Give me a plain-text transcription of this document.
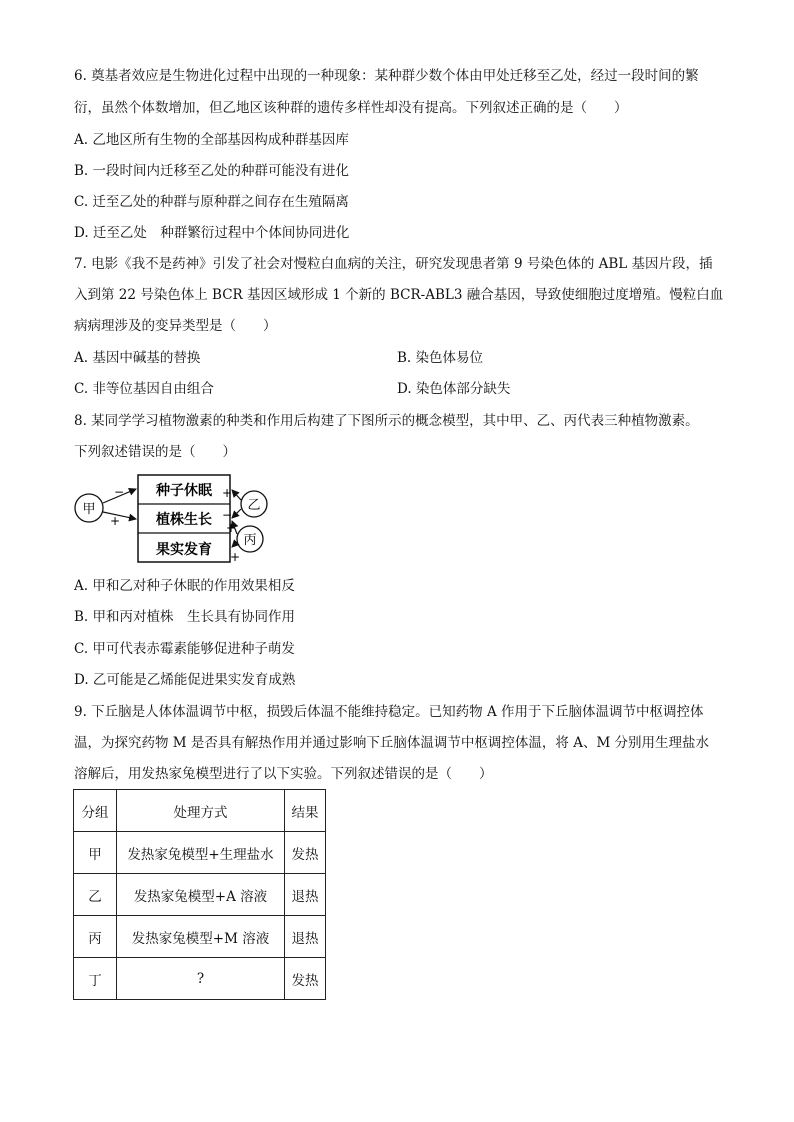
6. 奠基者效应是生物进化过程中出现的一种现象：某种群少数个体由甲处迁移至乙处，经过一段时间的繁
衍，虽然个体数增加，但乙地区该种群的遗传多样性却没有提高。下列叙述正确的是（　　）
A. 乙地区所有生物的全部基因构成种群基因库
B. 一段时间内迁移至乙处的种群可能没有进化
C. 迁至乙处的种群与原种群之间存在生殖隔离
D. 迁至乙处　种群繁衍过程中个体间协同进化
7. 电影《我不是药神》引发了社会对慢粒白血病的关注，研究发现患者第 9 号染色体的 ABL 基因片段，插
入到第 22 号染色体上 BCR 基因区域形成 1 个新的 BCR-ABL3 融合基因，导致使细胞过度增殖。慢粒白血
病病理涉及的变异类型是（　　）
A. 基因中碱基的替换	B. 染色体易位
C. 非等位基因自由组合	D. 染色体部分缺失
8. 某同学学习植物激素的种类和作用后构建了下图所示的概念模型，其中甲、乙、丙代表三种植物激素。
下列叙述错误的是（　　）
种子休眠
植株生长
果实发育
甲	乙
丙
−
+
+
−
+
+
A. 甲和乙对种子休眠的作用效果相反
B. 甲和丙对植株　生长具有协同作用
C. 甲可代表赤霉素能够促进种子萌发
D. 乙可能是乙烯能促进果实发育成熟
9. 下丘脑是人体体温调节中枢，损毁后体温不能维持稳定。已知药物 A 作用于下丘脑体温调节中枢调控体
温，为探究药物 M 是否具有解热作用并通过影响下丘脑体温调节中枢调控体温，将 A、M 分别用生理盐水
溶解后，用发热家兔模型进行了以下实验。下列叙述错误的是（　　）
分组	处理方式	结果
甲	发热家兔模型+生理盐水	发热
乙	发热家兔模型+A 溶液	退热
丙	发热家兔模型+M 溶液	退热
丁	?	发热
